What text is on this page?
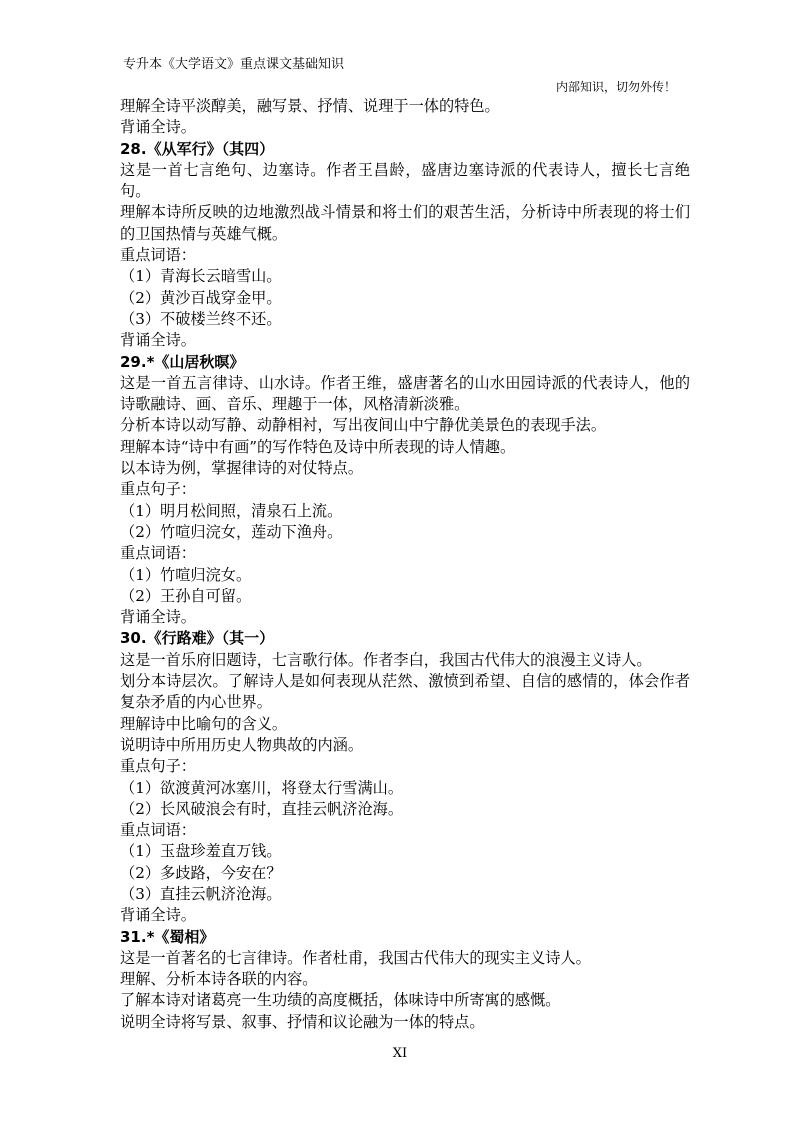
专升本《大学语文》重点课文基础知识
内部知识，切勿外传！
理解全诗平淡醇美，融写景、抒情、说理于一体的特色。
背诵全诗。
28.《从军行》（其四）
这是一首七言绝句、边塞诗。作者王昌龄，盛唐边塞诗派的代表诗人，擅长七言绝句。
理解本诗所反映的边地激烈战斗情景和将士们的艰苦生活，分析诗中所表现的将士们的卫国热情与英雄气概。
重点词语：
（1）青海长云暗雪山。
（2）黄沙百战穿金甲。
（3）不破楼兰终不还。
背诵全诗。
29.*《山居秋暝》
这是一首五言律诗、山水诗。作者王维，盛唐著名的山水田园诗派的代表诗人，他的诗歌融诗、画、音乐、理趣于一体，风格清新淡雅。
分析本诗以动写静、动静相衬，写出夜间山中宁静优美景色的表现手法。
理解本诗“诗中有画”的写作特色及诗中所表现的诗人情趣。
以本诗为例，掌握律诗的对仗特点。
重点句子：
（1）明月松间照，清泉石上流。
（2）竹喧归浣女，莲动下渔舟。
重点词语：
（1）竹喧归浣女。
（2）王孙自可留。
背诵全诗。
30.《行路难》（其一）
这是一首乐府旧题诗，七言歌行体。作者李白，我国古代伟大的浪漫主义诗人。
划分本诗层次。了解诗人是如何表现从茫然、激愤到希望、自信的感情的，体会作者复杂矛盾的内心世界。
理解诗中比喻句的含义。
说明诗中所用历史人物典故的内涵。
重点句子：
（1）欲渡黄河冰塞川，将登太行雪满山。
（2）长风破浪会有时，直挂云帆济沧海。
重点词语：
（1）玉盘珍羞直万钱。
（2）多歧路，今安在？
（3）直挂云帆济沧海。
背诵全诗。
31.*《蜀相》
这是一首著名的七言律诗。作者杜甫，我国古代伟大的现实主义诗人。
理解、分析本诗各联的内容。
了解本诗对诸葛亮一生功绩的高度概括，体味诗中所寄寓的感慨。
说明全诗将写景、叙事、抒情和议论融为一体的特点。
XI
